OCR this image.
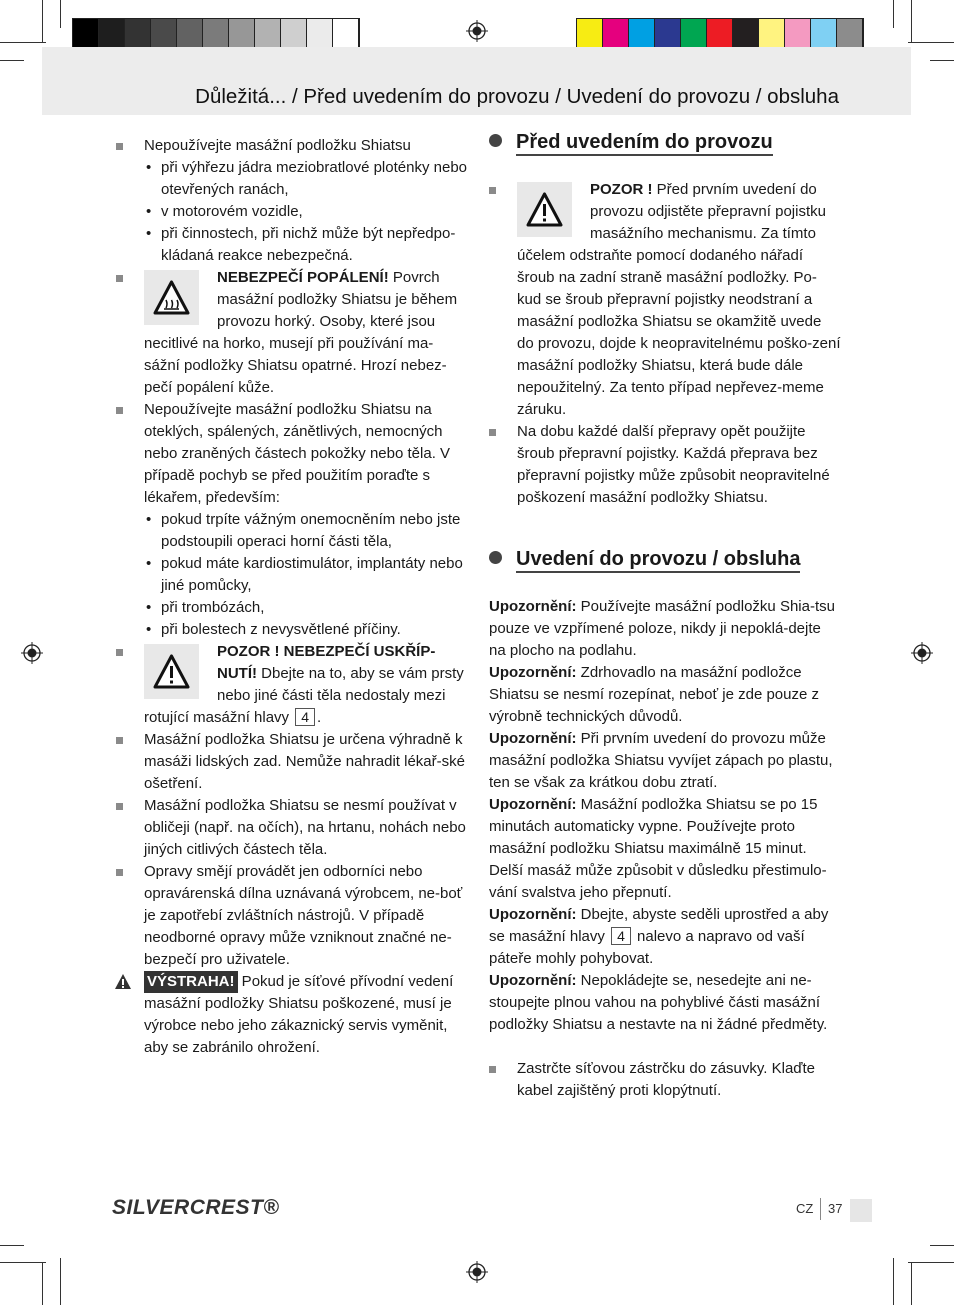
Důležitá... / Před uvedením do provozu / Uvedení do provozu / obsluha
Nepoužívejte masážní podložku Shiatsu
• při výhřezu jádra meziobratlové ploténky nebo otevřených ranách,
• v motorovém vozidle,
• při činnostech, při nichž může být nepředpo-kládaná reakce nebezpečná.
NEBEZPEČÍ POPÁLENÍ! Povrch masážní podložky Shiatsu je během provozu horký. Osoby, které jsou necitlivé na horko, musejí při používání ma-sážní podložky Shiatsu opatrné. Hrozí nebez-pečí popálení kůže.
Nepoužívejte masážní podložku Shiatsu na oteklých, spálených, zánětlivých, nemocných nebo zraněných částech pokožky nebo těla. V případě pochyb se před použitím poraďte s lékařem, především:
• pokud trpíte vážným onemocněním nebo jste podstoupili operaci horní části těla,
• pokud máte kardiostimulátor, implantáty nebo jiné pomůcky,
• při trombózách,
• při bolestech z nevysvětlené příčiny.
POZOR ! NEBEZPEČÍ USKŘÍP-NUTÍ! Dbejte na to, aby se vám prsty nebo jiné části těla nedostaly mezi rotující masážní hlavy 4 .
Masážní podložka Shiatsu je určena výhradně k masáži lidských zad. Nemůže nahradit lékař-ské ošetření.
Masážní podložka Shiatsu se nesmí používat v obličeji (např. na očích), na hrtanu, nohách nebo jiných citlivých částech těla.
Opravy smějí provádět jen odborníci nebo opravárenská dílna uznávaná výrobcem, ne-boť je zapotřebí zvláštních nástrojů. V případě neodborné opravy může vzniknout značné ne-bezpečí pro uživatele.
VÝSTRAHA! Pokud je síťové přívodní vedení masážní podložky Shiatsu poškozené, musí je výrobce nebo jeho zákaznický servis vyměnit, aby se zabránilo ohrožení.
Před uvedením do provozu
POZOR ! Před prvním uvedení do provozu odjistěte přepravní pojistku masážního mechanismu. Za tímto účelem odstraňte pomocí dodaného nářadí šroub na zadní straně masážní podložky. Po-kud se šroub přepravní pojistky neodstraní a masážní podložka Shiatsu se okamžitě uvede do provozu, dojde k neopravitelnému poško-zení masážní podložky Shiatsu, která bude dále nepoužitelný. Za tento případ nepřevez-meme záruku.
Na dobu každé další přepravy opět použijte šroub přepravní pojistky. Každá přeprava bez přepravní pojistky může způsobit neopravitelné poškození masážní podložky Shiatsu.
Uvedení do provozu / obsluha
Upozornění: Používejte masážní podložku Shia-tsu pouze ve vzpřímené poloze, nikdy ji nepoklá-dejte na plocho na podlahu.
Upozornění: Zdrhovadlo na masážní podložce Shiatsu se nesmí rozepínat, neboť je zde pouze z výrobně technických důvodů.
Upozornění: Při prvním uvedení do provozu může masážní podložka Shiatsu vyvíjet zápach po plastu, ten se však za krátkou dobu ztratí.
Upozornění: Masážní podložka Shiatsu se po 15 minutách automaticky vypne. Používejte proto masážní podložku Shiatsu maximálně 15 minut. Delší masáž může způsobit v důsledku přestimulo-vání svalstva jeho přepnutí.
Upozornění: Dbejte, abyste seděli uprostřed a aby se masážní hlavy 4 nalevo a napravo od vaší páteře mohly pohybovat.
Upozornění: Nepokládejte se, nesedejte ani ne-stoupejte plnou vahou na pohyblivé části masážní podložky Shiatsu a nestavte na ni žádné předměty.
Zastrčte síťovou zástrčku do zásuvky. Klaďte kabel zajištěný proti klopýtnutí.
SILVERCREST®	CZ 37
